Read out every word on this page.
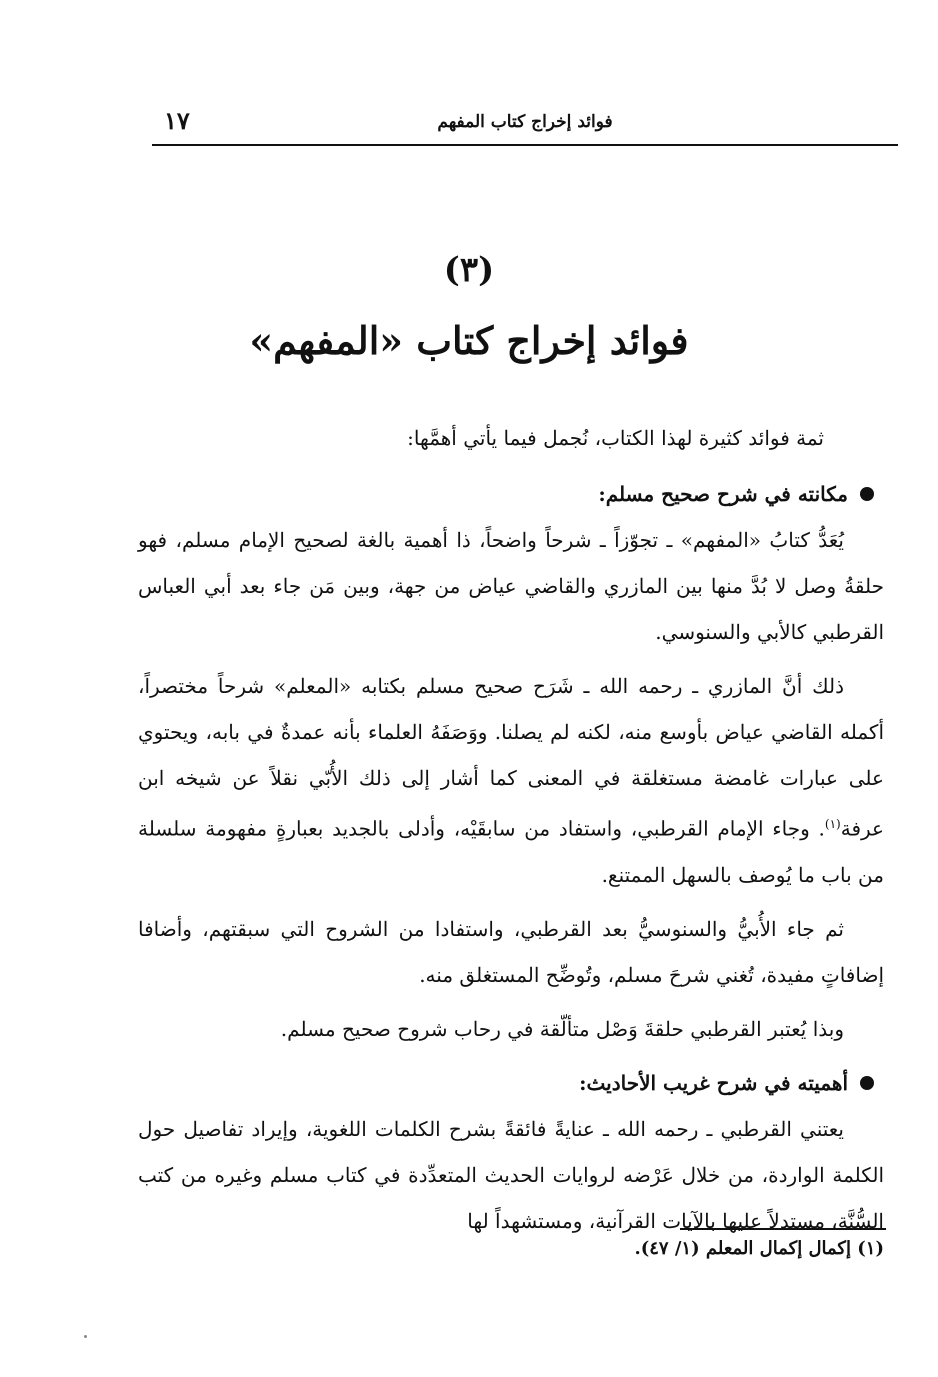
فوائد إخراج كتاب المفهم
١٧
(٣)
فوائد إخراج كتاب «المفهم»

ثمة فوائد كثيرة لهذا الكتاب، نُجمل فيما يأتي أهمَّها:

مكانته في شرح صحيح مسلم:

يُعَدُّ كتابُ «المفهم» ـ تجوّزاً ـ شرحاً واضحاً، ذا أهمية بالغة لصحيح الإمام مسلم، فهو حلقةُ وصل لا بُدَّ منها بين المازري والقاضي عياض من جهة، وبين مَن جاء بعد أبي العباس القرطبي كالأبي والسنوسي.

ذلك أنَّ المازري ـ رحمه الله ـ شَرَح صحيح مسلم بكتابه «المعلم» شرحاً مختصراً، أكمله القاضي عياض بأوسع منه، لكنه لم يصلنا. ووَصَفَهُ العلماء بأنه عمدةٌ في بابه، ويحتوي على عبارات غامضة مستغلقة في المعنى كما أشار إلى ذلك الأُبّي نقلاً عن شيخه ابن عرفة$^{(١)}$. وجاء الإمام القرطبي، واستفاد من سابقَيْه، وأدلى بالجديد بعبارةٍ مفهومة سلسلة من باب ما يُوصف بالسهل الممتنع.

ثم جاء الأُبيُّ والسنوسيُّ بعد القرطبي، واستفادا من الشروح التي سبقتهم، وأضافا إضافاتٍ مفيدة، تُغني شرحَ مسلم، وتُوضِّح المستغلق منه.

وبذا يُعتبر القرطبي حلقةَ وَصْل متألّقة في رحاب شروح صحيح مسلم.

أهميته في شرح غريب الأحاديث:

يعتني القرطبي ـ رحمه الله ـ عنايةً فائقةً بشرح الكلمات اللغوية، وإيراد تفاصيل حول الكلمة الواردة، من خلال عَرْضه لروايات الحديث المتعدِّدة في كتاب مسلم وغيره من كتب السُّنَّة، مستدلاً عليها بالآيات القرآنية، ومستشهداً لها

(١) إكمال إكمال المعلم (١/ ٤٧).
